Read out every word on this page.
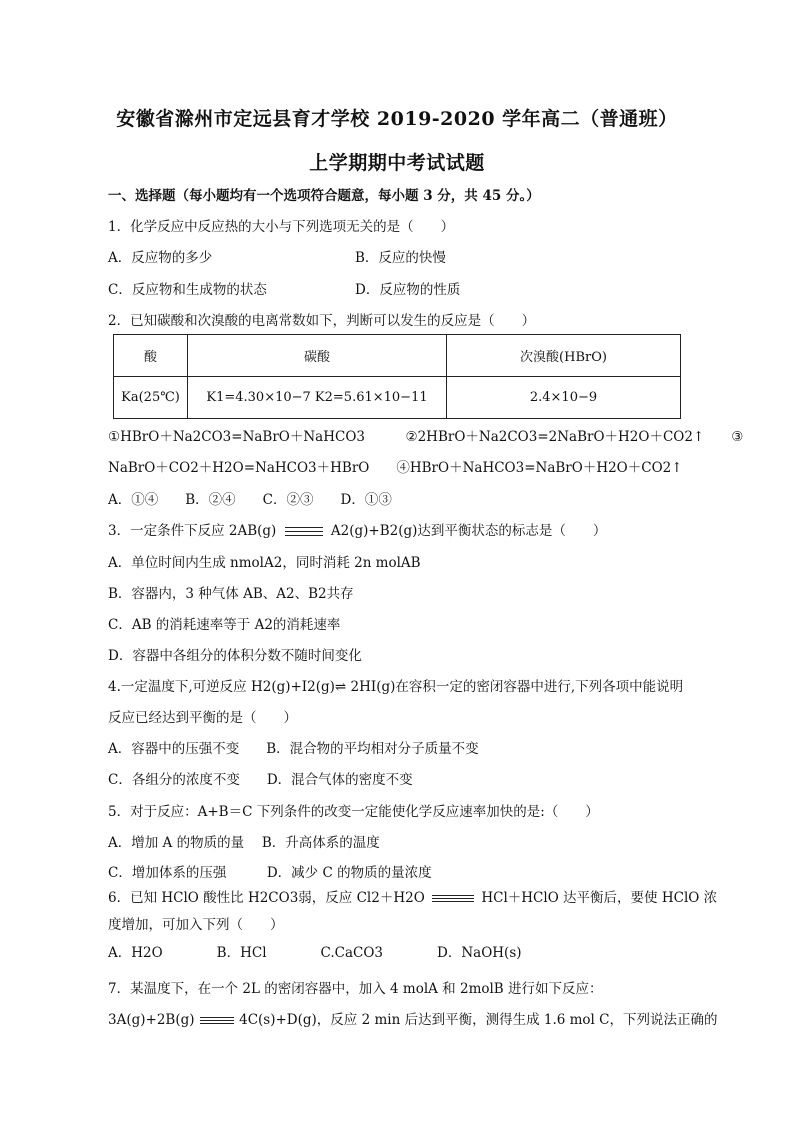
安徽省滁州市定远县育才学校 2019-2020 学年高二（普通班）
上学期期中考试试题
一、选择题（每小题均有一个选项符合题意，每小题 3 分，共 45 分。）
1．化学反应中反应热的大小与下列选项无关的是（　　）
A．反应物的多少	B．反应的快慢
C．反应物和生成物的状态	D．反应物的性质
2．已知碳酸和次溴酸的电离常数如下，判断可以发生的反应是（　　）
酸	碳酸	次溴酸(HBrO)
Ka(25℃)	K1=4.30×10−7 K2=5.61×10−11	2.4×10−9
①HBrO＋Na2CO3=NaBrO＋NaHCO3　　　②2HBrO＋Na2CO3=2NaBrO＋H2O＋CO2↑　　③
NaBrO＋CO2＋H2O=NaHCO3＋HBrO　　④HBrO＋NaHCO3=NaBrO＋H2O＋CO2↑
A．①④　　B．②④　　C．②③　　D．①③
3．一定条件下反应 2AB(g)	A2(g)+B2(g)达到平衡状态的标志是（　　）
A．单位时间内生成 nmolA2，同时消耗 2n molAB
B．容器内，3 种气体 AB、A2、B2共存
C．AB 的消耗速率等于 A2的消耗速率
D．容器中各组分的体积分数不随时间变化
4.一定温度下,可逆反应 H2(g)+I2(g)⇌ 2HI(g)在容积一定的密闭容器中进行,下列各项中能说明
反应已经达到平衡的是（　　）
A．容器中的压强不变　　B．混合物的平均相对分子质量不变
C．各组分的浓度不变　　D．混合气体的密度不变
5．对于反应：A+B＝C 下列条件的改变一定能使化学反应速率加快的是:（　　）
A．增加 A 的物质的量　 B．升高体系的温度
C．增加体系的压强　　　D．减少 C 的物质的量浓度
6．已知 HClO 酸性比 H2CO3弱，反应 Cl2＋H2O	HCl＋HClO 达平衡后，要使 HClO 浓
度增加，可加入下列（　　）
A．H2O　　　　B．HCl　　　　C.CaCO3　　　　D．NaOH(s)
7．某温度下，在一个 2L 的密闭容器中，加入 4 molA 和 2molB 进行如下反应：
3A(g)+2B(g)	4C(s)+D(g)，反应 2 min 后达到平衡，测得生成 1.6 mol C，下列说法正确的
